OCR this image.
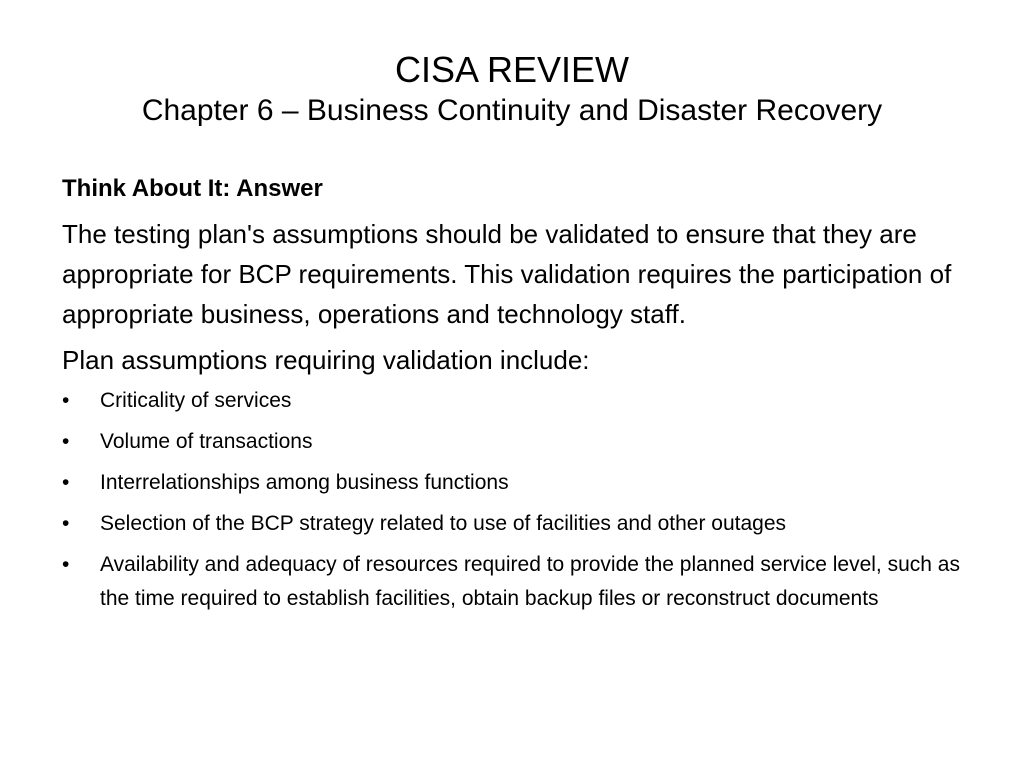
CISA REVIEW
Chapter 6 – Business Continuity and Disaster Recovery
Think About It: Answer
The testing plan's assumptions should be validated to ensure that they are appropriate for BCP requirements. This validation requires the participation of appropriate business, operations and technology staff.
Plan assumptions requiring validation include:
• Criticality of services
• Volume of transactions
• Interrelationships among business functions
• Selection of the BCP strategy related to use of facilities and other outages
• Availability and adequacy of resources required to provide the planned service level, such as the time required to establish facilities, obtain backup files or reconstruct documents
